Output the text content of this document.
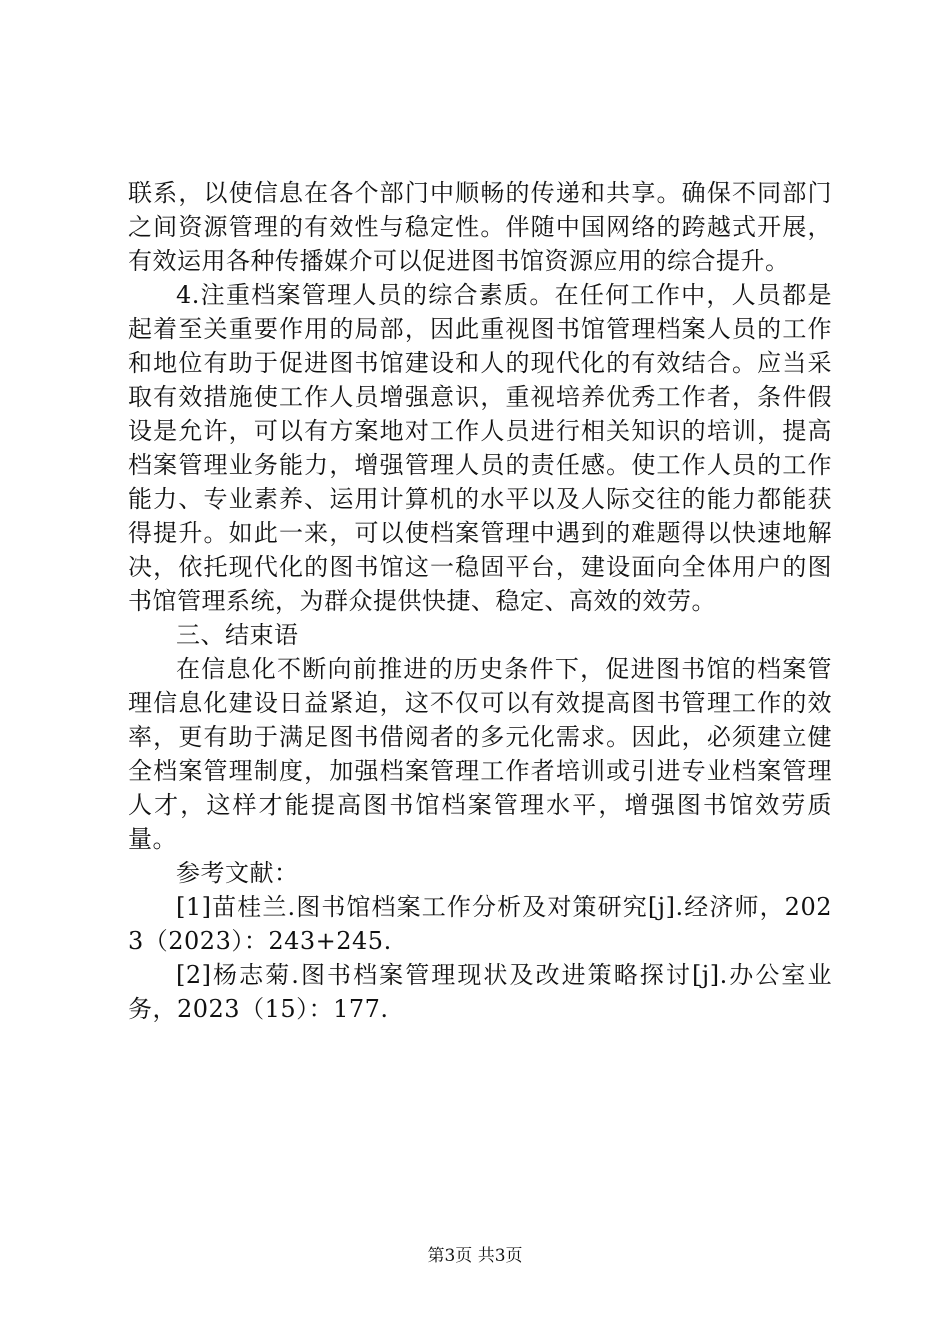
联系，以使信息在各个部门中顺畅的传递和共享。确保不同部门之间资源管理的有效性与稳定性。伴随中国网络的跨越式开展，有效运用各种传播媒介可以促进图书馆资源应用的综合提升。

4.注重档案管理人员的综合素质。在任何工作中，人员都是起着至关重要作用的局部，因此重视图书馆管理档案人员的工作和地位有助于促进图书馆建设和人的现代化的有效结合。应当采取有效措施使工作人员增强意识，重视培养优秀工作者，条件假设是允许，可以有方案地对工作人员进行相关知识的培训，提高档案管理业务能力，增强管理人员的责任感。使工作人员的工作能力、专业素养、运用计算机的水平以及人际交往的能力都能获得提升。如此一来，可以使档案管理中遇到的难题得以快速地解决，依托现代化的图书馆这一稳固平台，建设面向全体用户的图书馆管理系统，为群众提供快捷、稳定、高效的效劳。

三、结束语

在信息化不断向前推进的历史条件下，促进图书馆的档案管理信息化建设日益紧迫，这不仅可以有效提高图书管理工作的效率，更有助于满足图书借阅者的多元化需求。因此，必须建立健全档案管理制度，加强档案管理工作者培训或引进专业档案管理人才，这样才能提高图书馆档案管理水平，增强图书馆效劳质量。

参考文献：

[1]苗桂兰.图书馆档案工作分析及对策研究[j].经济师，2023（2023）：243+245.

[2]杨志菊.图书档案管理现状及改进策略探讨[j].办公室业务，2023（15）：177.

第3页 共3页
